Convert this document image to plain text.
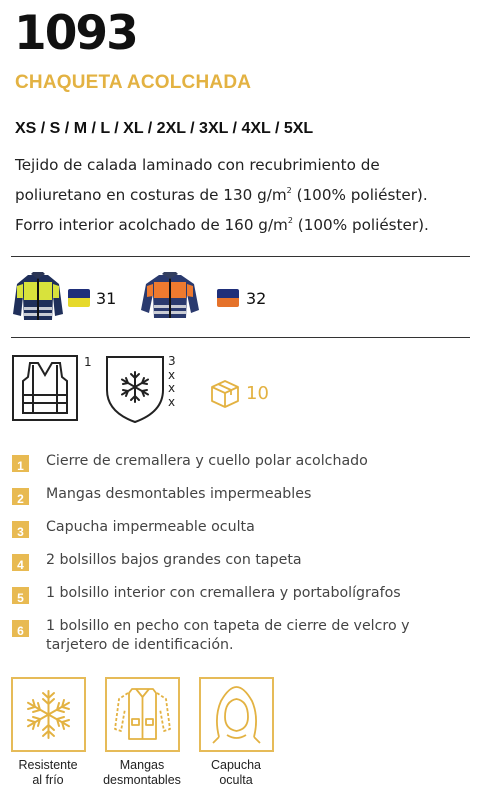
1093
CHAQUETA ACOLCHADA
XS / S / M / L / XL / 2XL / 3XL / 4XL / 5XL
Tejido de calada laminado con recubrimiento de
poliuretano en costuras de 130 $g/m^2$ (100% poliéster).
Forro interior acolchado de 160 $g/m^2$ (100% poliéster).
31	32
1	3
x
x
x	10
1	Cierre de cremallera y cuello polar acolchado
2	Mangas desmontables impermeables
3	Capucha impermeable oculta
4	2 bolsillos bajos grandes con tapeta
5	1 bolsillo interior con cremallera y portabolígrafos
6	1 bolsillo en pecho con tapeta de cierre de velcro y tarjetero de identificación.
Resistente
al frío
Mangas
desmontables
Capucha
oculta
